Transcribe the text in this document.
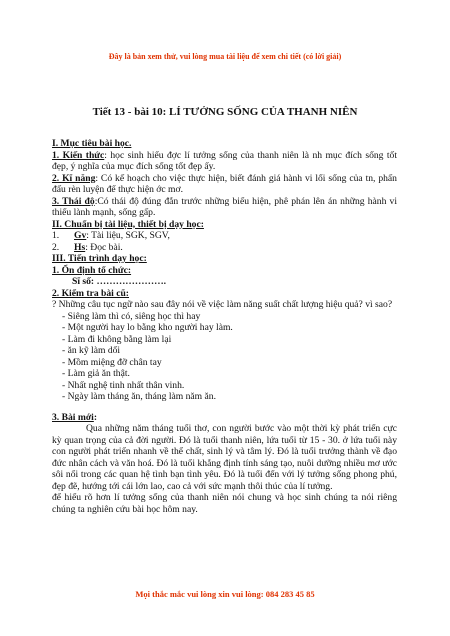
Đây là bản xem thử, vui lòng mua tài liệu để xem chi tiết (có lời giải)
Tiết 13 - bài 10: LÍ TƯỞNG SỐNG CỦA THANH NIÊN

I. Mục tiêu bài học.

1. Kiến thức: học sinh hiểu đợc lí tưởng sống của thanh niên là nh mục đích sống tốt đẹp, ý nghĩa của mục đích sống tốt đẹp ấy.

2. Kĩ năng: Có kế hoạch cho việc thực hiện, biết đánh giá hành vi lối sống của tn, phấn đấu rèn luyện để thực hiện ớc mơ.

3. Thái độ:Có thái độ đúng đắn trước những biểu hiện, phê phán lên án những hành vi thiếu lành mạnh, sống gấp.

II. Chuẩn bị tài liệu, thiết bị dạy học:

1. Gv: Tài liệu, SGK, SGV,

2. Hs: Đọc bài.

III. Tiến trình dạy học:

1. Ổn định tổ chức:

Sĩ số: ………………….

2. Kiểm tra bài cũ:

? Những câu tục ngữ nào sau đây nói về việc làm năng suất chất lượng hiệu quả? vì sao?

- Siêng làm thì có, siêng học thì hay

- Một người hay lo bằng kho người hay làm.

- Làm đi không bằng làm lại

- ăn kỹ làm dối

- Mồm miệng đỡ chân tay

- Làm giả ăn thật.

- Nhất nghệ tinh nhất thân vinh.

- Ngày làm tháng ăn, tháng làm năm ăn.

3. Bài mới:

Qua những năm tháng tuổi thơ, con người bước vào một thời kỳ phát triển cực kỳ quan trọng của cả đời người. Đó là tuổi thanh niên, lứa tuổi từ 15 - 30. ở lứa tuổi này con người phát triển nhanh về thể chất, sinh lý và tâm lý. Đó là tuổi trưởng thành về đạo đức nhân cách và văn hoá. Đó là tuổi khẳng định tính sáng tạo, nuôi dưỡng nhiều mơ ước sôi nổi trong các quan hệ tình bạn tình yêu. Đó là tuổi đến với lý tưởng sống phong phú, đẹp đẽ, hướng tới cái lớn lao, cao cả với sức mạnh thôi thúc của lí tưởng.

để hiểu rõ hơn lí tưởng sống của thanh niên nói chung và học sinh chúng ta nói riêng chúng ta nghiên cứu bài học hôm nay.

Mọi thắc mắc vui lòng xin vui lòng: 084 283 45 85
